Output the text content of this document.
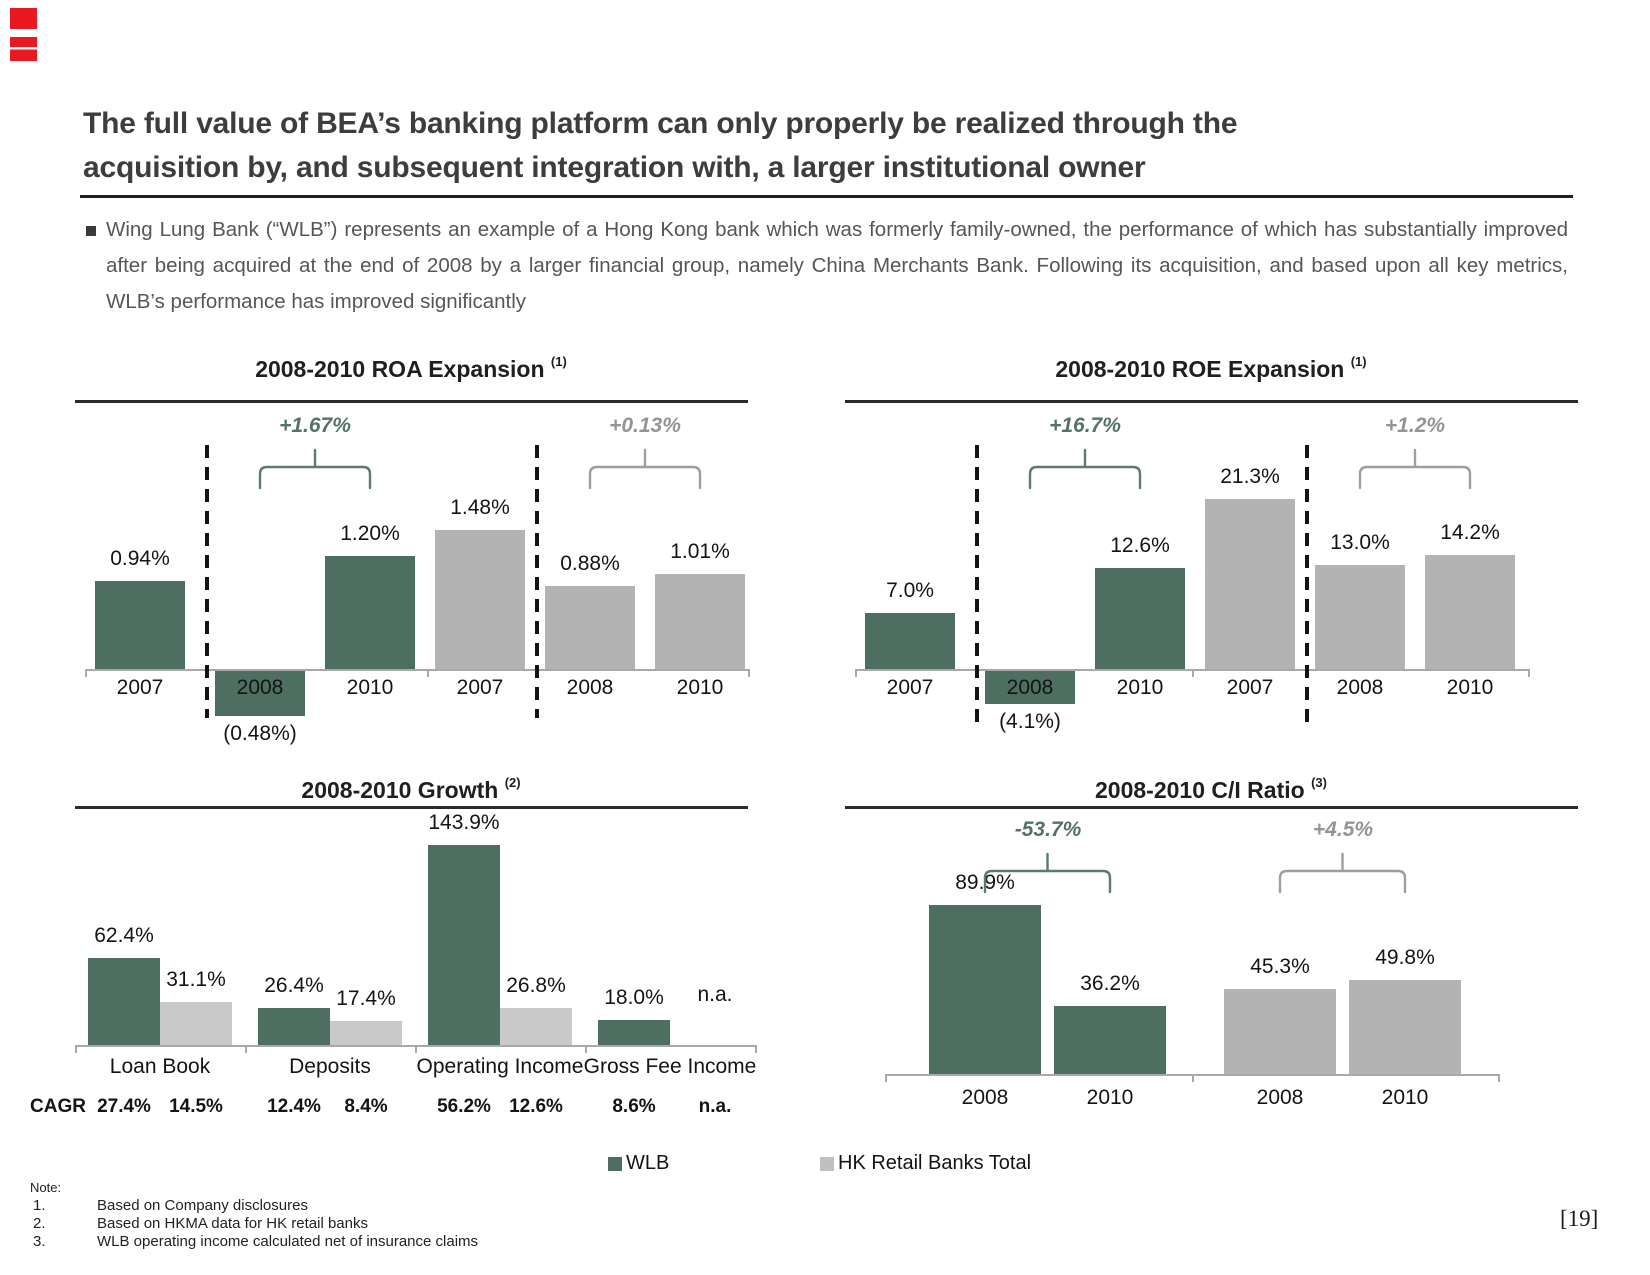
The full value of BEA’s banking platform can only properly be realized through the
acquisition by, and subsequent integration with, a larger institutional owner
Wing Lung Bank (“WLB”) represents an example of a Hong Kong bank which was formerly family-owned, the performance of which has substantially improved after being acquired at the end of 2008 by a larger financial group, namely China Merchants Bank. Following its acquisition, and based upon all key metrics, WLB’s performance has improved significantly
2008-2010 ROA Expansion $^{(1)}$
0.94%
(0.48%)
1.20%
1.48%
0.88%
1.01%
2007	2008	2010	2007	2008	2010
+1.67%	+0.13%
2008-2010 ROE Expansion $^{(1)}$
7.0%
(4.1%)
12.6%
21.3%
13.0%	14.2%
2007	2008	2010	2007	2008	2010
+16.7%	+1.2%
2008-2010 Growth $^{(2)}$
62.4%
31.1%	26.4%
17.4%
143.9%
26.8%
18.0%	n.a.
Loan Book	Deposits	Operating Income Gross Fee Income
CAGR 27.4% 14.5%	12.4%	8.4%	56.2% 12.6%	8.6%	n.a.
2008-2010 C/I Ratio $^{(3)}$
89.9%
36.2%
45.3%	49.8%
2008	2010	2008	2010
-53.7%	+4.5%
WLB	HK Retail Banks Total
Note:
1.	Based on Company disclosures
2.	Based on HKMA data for HK retail banks
3.	WLB operating income calculated net of insurance claims
[19]
